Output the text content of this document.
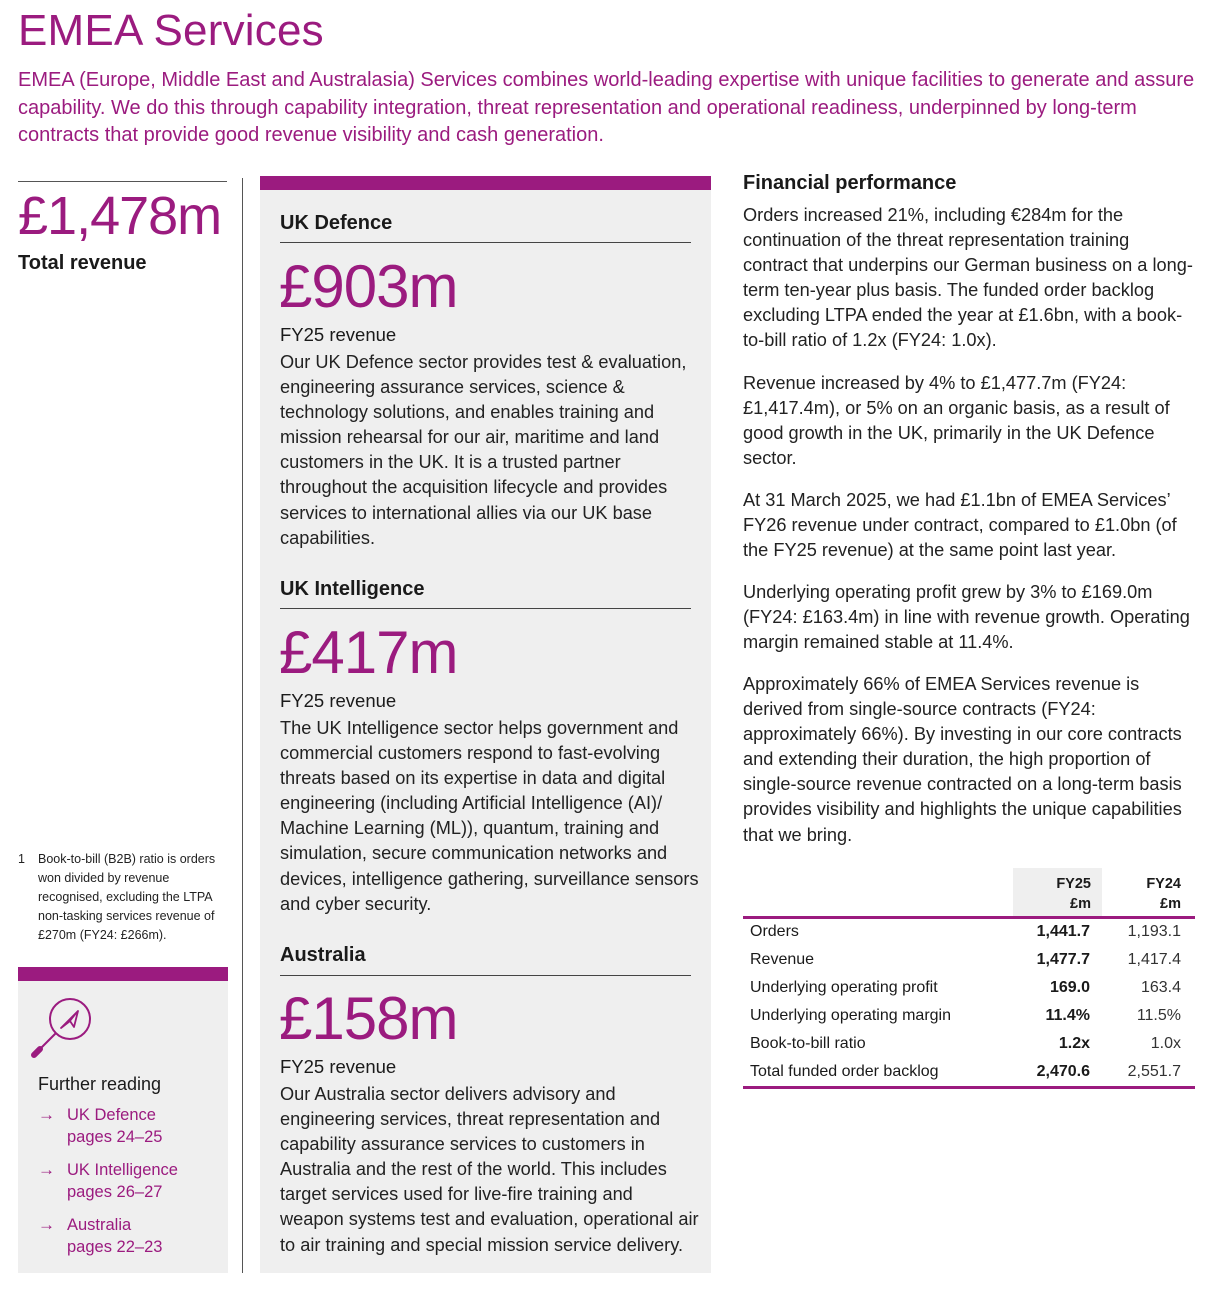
EMEA Services

EMEA (Europe, Middle East and Australasia) Services combines world-leading expertise with unique facilities to generate and assure capability. We do this through capability integration, threat representation and operational readiness, underpinned by long-term contracts that provide good revenue visibility and cash generation.

£1,478m
Total revenue
1 Book-to-bill (B2B) ratio is orders won divided by revenue recognised, excluding the LTPA non-tasking services revenue of £270m (FY24: £266m).
Further reading
→ UK Defence
pages 24–25
→ UK Intelligence
pages 26–27
→ Australia
pages 22–23
UK Defence
£903m
FY25 revenue

Our UK Defence sector provides test & evaluation, engineering assurance services, science & technology solutions, and enables training and mission rehearsal for our air, maritime and land customers in the UK. It is a trusted partner throughout the acquisition lifecycle and provides services to international allies via our UK base capabilities.

UK Intelligence
£417m
FY25 revenue

The UK Intelligence sector helps government and commercial customers respond to fast-evolving threats based on its expertise in data and digital engineering (including Artificial Intelligence (AI)/ Machine Learning (ML)), quantum, training and simulation, secure communication networks and devices, intelligence gathering, surveillance sensors and cyber security.

Australia
£158m
FY25 revenue

Our Australia sector delivers advisory and engineering services, threat representation and capability assurance services to customers in Australia and the rest of the world. This includes target services used for live-fire training and weapon systems test and evaluation, operational air to air training and special mission service delivery.

Financial performance

Orders increased 21%, including €284m for the continuation of the threat representation training contract that underpins our German business on a long-term ten-year plus basis. The funded order backlog excluding LTPA ended the year at £1.6bn, with a book-to-bill ratio of 1.2x (FY24: 1.0x).

Revenue increased by 4% to £1,477.7m (FY24: £1,417.4m), or 5% on an organic basis, as a result of good growth in the UK, primarily in the UK Defence sector.

At 31 March 2025, we had £1.1bn of EMEA Services’ FY26 revenue under contract, compared to £1.0bn (of the FY25 revenue) at the same point last year.

Underlying operating profit grew by 3% to £169.0m (FY24: £163.4m) in line with revenue growth. Operating margin remained stable at 11.4%.

Approximately 66% of EMEA Services revenue is derived from single-source contracts (FY24: approximately 66%). By investing in our core contracts and extending their duration, the high proportion of single-source revenue contracted on a long-term basis provides visibility and highlights the unique capabilities that we bring.

FY25
£m
FY24
£m
Orders	1,441.7 1,193.1
Revenue	1,477.7 1,417.4
Underlying operating profit	169.0	163.4
Underlying operating margin	11.4%	11.5%
Book-to-bill ratio	1.2x	1.0x
Total funded order backlog	2,470.6 2,551.7
